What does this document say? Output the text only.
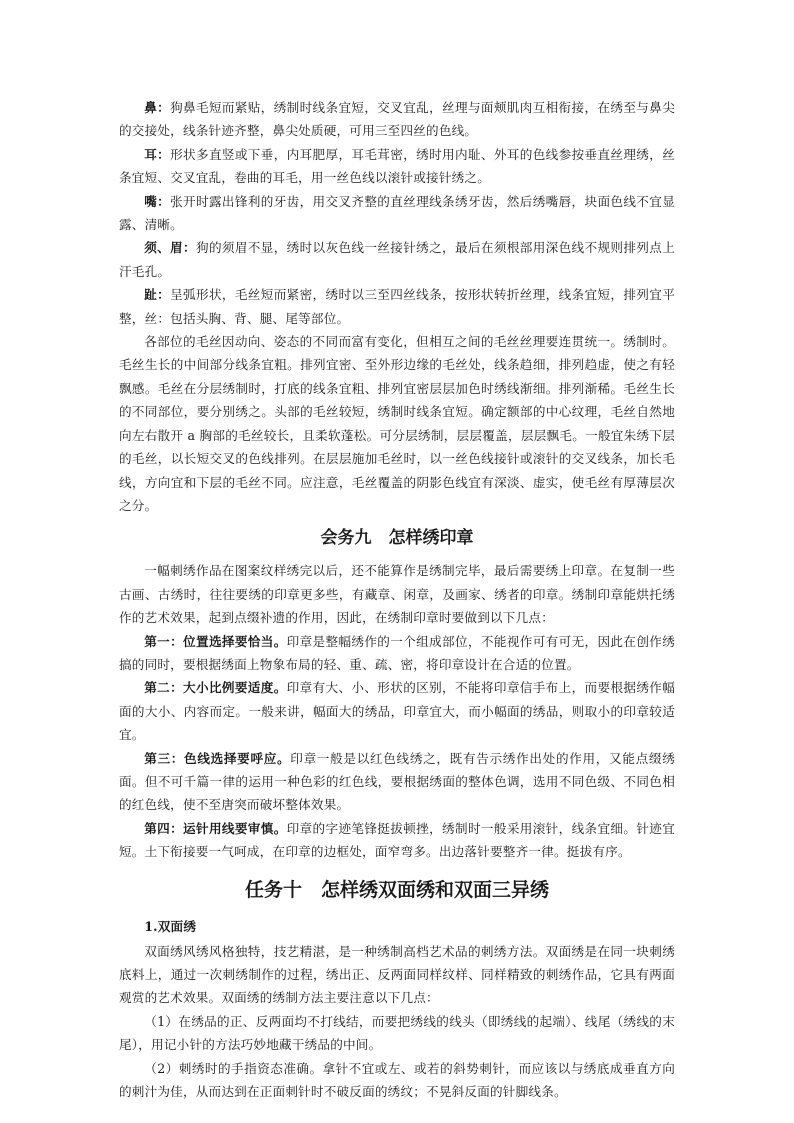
鼻：狗鼻毛短而紧贴，绣制时线条宜短，交叉宜乱，丝理与面颊肌肉互相衔接，在绣至与鼻尖的交接处，线条针迹齐整，鼻尖处质硬，可用三至四丝的色线。

耳：形状多直竖或下垂，内耳肥厚，耳毛茸密，绣时用内耻、外耳的色线参按垂直丝理绣，丝条宜短、交叉宜乱，卷曲的耳毛，用一丝色线以滚针或接针绣之。

嘴：张开时露出锋利的牙齿，用交叉齐整的直丝理线条绣牙齿，然后绣嘴唇，块面色线不宜显露、清晰。

须、眉：狗的须眉不显，绣时以灰色线一丝接针绣之，最后在须根部用深色线不规则排列点上汗毛孔。

趾：呈弧形状，毛丝短而紧密，绣时以三至四丝线条，按形状转折丝理，线条宜短，排列宜平整，丝：包括头胸、背、腿、尾等部位。

各部位的毛丝因动向、姿态的不同而富有变化，但相互之间的毛丝丝理要连贯统一。绣制时。毛丝生长的中间部分线条宜粗。排列宜密、至外形边缘的毛丝处，线条趋细，排列趋虚，使之有轻飘感。毛丝在分层绣制时，打底的线条宜粗、排列宜密层层加色时绣线渐细。排列渐稀。毛丝生长的不同部位，要分别绣之。头部的毛丝较短，绣制时线条宜短。确定额部的中心纹理，毛丝自然地向左右散开 a 胸部的毛丝较长，且柔软蓬松。可分层绣制，层层覆盖，层层飘毛。一般宜朱绣下层的毛丝，以长短交叉的色线排列。在层层施加毛丝时，以一丝色线接针或滚针的交叉线条，加长毛线，方向宜和下层的毛丝不同。应注意，毛丝覆盖的阴影色线宜有深淡、虚实，使毛丝有厚薄层次之分。

会务九　怎样绣印章

一幅刺绣作品在图案纹样绣完以后，还不能算作是绣制完毕，最后需要绣上印章。在复制一些古画、古绣时，往往要绣的印章更多些，有藏章、闲章，及画家、绣者的印章。绣制印章能烘托绣作的艺术效果，起到点缀补遗的作用，因此，在绣制印章时要做到以下几点：

第一：位置选择要恰当。印章是整幅绣作的一个组成部位，不能视作可有可无，因此在创作绣搞的同时，要根据绣面上物象布局的轻、重、疏、密，将印章设计在合适的位置。

第二：大小比例要适度。印章有大、小、形状的区别，不能将印章信手布上，而要根据绣作幅面的大小、内容而定。一般来讲，幅面大的绣品，印章宜大，而小幅面的绣品，则取小的印章较适宜。

第三：色线选择要呼应。印章一般是以红色线绣之，既有告示绣作出处的作用，又能点缀绣面。但不可千篇一律的运用一种色彩的红色线，要根据绣面的整体色调，选用不同色级、不同色相的红色线，使不至唐突而破坏整体效果。

第四：运针用线要审慎。印章的字迹笔锋挺拔顿挫，绣制时一般采用滚针，线条宜细。针迹宜短。土下衔接要一气呵成，在印章的边框处，面窄弯多。出边落针要整齐一律。挺拔有序。

任务十　怎样绣双面绣和双面三异绣

1.双面绣

双面绣风绣风格独特，技艺精湛，是一种绣制高档艺术品的刺绣方法。双面绣是在同一块刺绣底料上，通过一次刺绣制作的过程，绣出正、反两面同样纹样、同样精致的刺绣作品，它具有两面观赏的艺术效果。双面绣的绣制方法主要注意以下几点：

（1）在绣品的正、反两面均不打线结，而要把绣线的线头（即绣线的起端）、线尾（绣线的末尾），用记小针的方法巧妙地藏干绣品的中间。

（2）刺绣时的手指资态准确。拿针不宜或左、或若的斜势刺针，而应该以与绣底成垂直方向的刺汁为佳，从而达到在正面刺针时不破反面的绣纹；不晃斜反面的针脚线条。
